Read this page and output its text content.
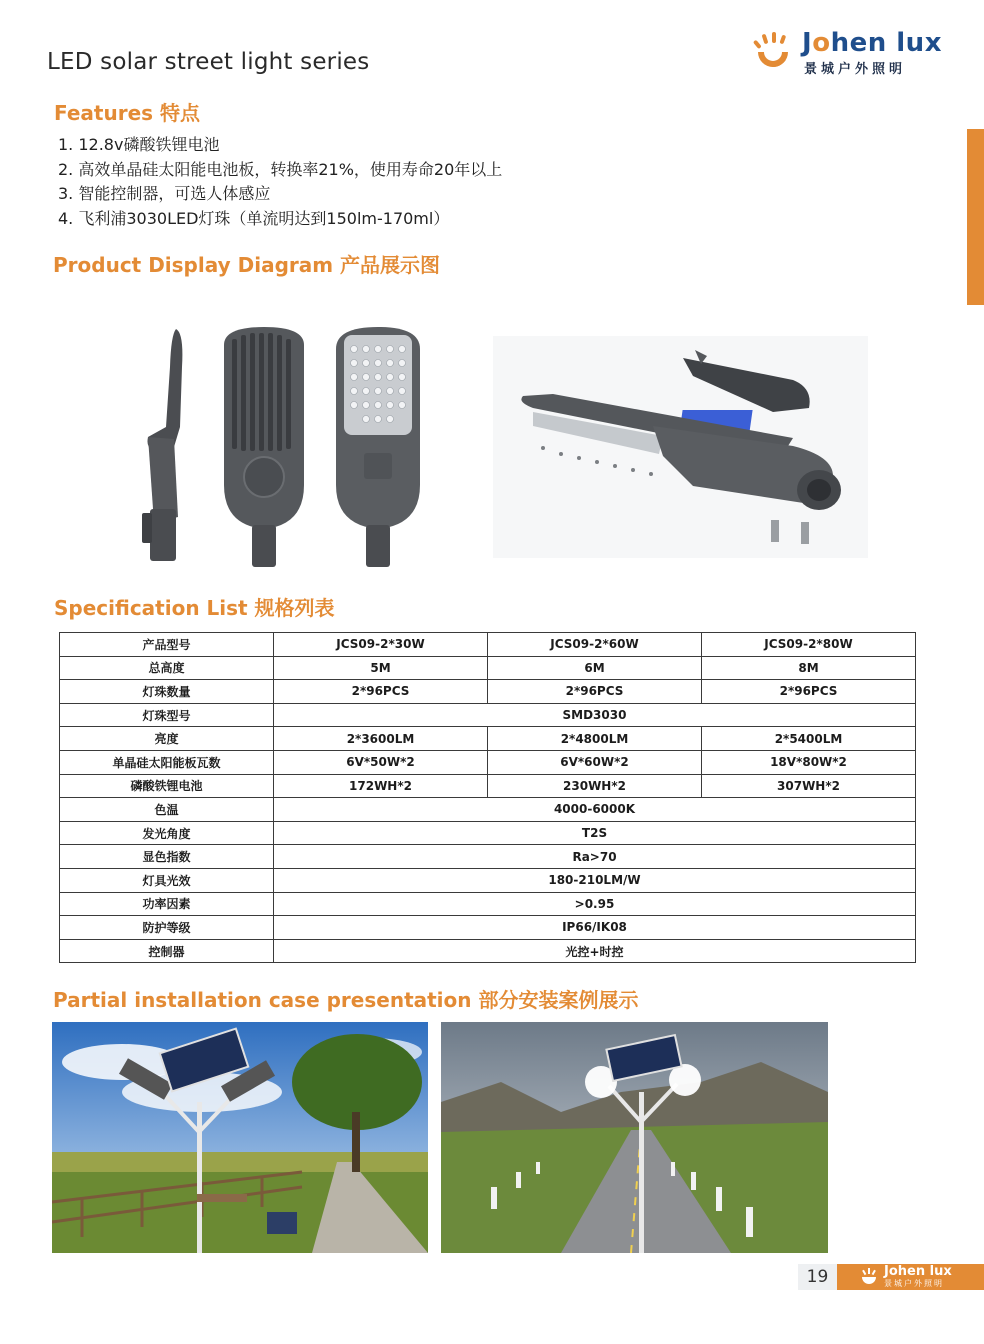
LED solar street light series
Johen lux
景城户外照明
Features 特点
1. 12.8v磷酸铁锂电池
2. 高效单晶硅太阳能电池板，转换率21%，使用寿命20年以上
3. 智能控制器，可选人体感应
4. 飞利浦3030LED灯珠（单流明达到150lm-170ml）
Product Display Diagram 产品展示图
Specification List 规格列表
产品型号	JCS09-2*30W	JCS09-2*60W	JCS09-2*80W
总高度	5M	6M	8M
灯珠数量	2*96PCS	2*96PCS	2*96PCS
灯珠型号	SMD3030		
亮度	2*3600LM	2*4800LM	2*5400LM
单晶硅太阳能板瓦数	6V*50W*2	6V*60W*2	18V*80W*2
磷酸铁锂电池	172WH*2	230WH*2	307WH*2
色温	4000-6000K		
发光角度	T2S		
显色指数	Ra>70		
灯具光效	180-210LM/W		
功率因素	>0.95		
防护等级	IP66/IK08		
控制器	光控+时控		
Partial installation case presentation 部分安装案例展示
19	Johen lux
景城户外照明
